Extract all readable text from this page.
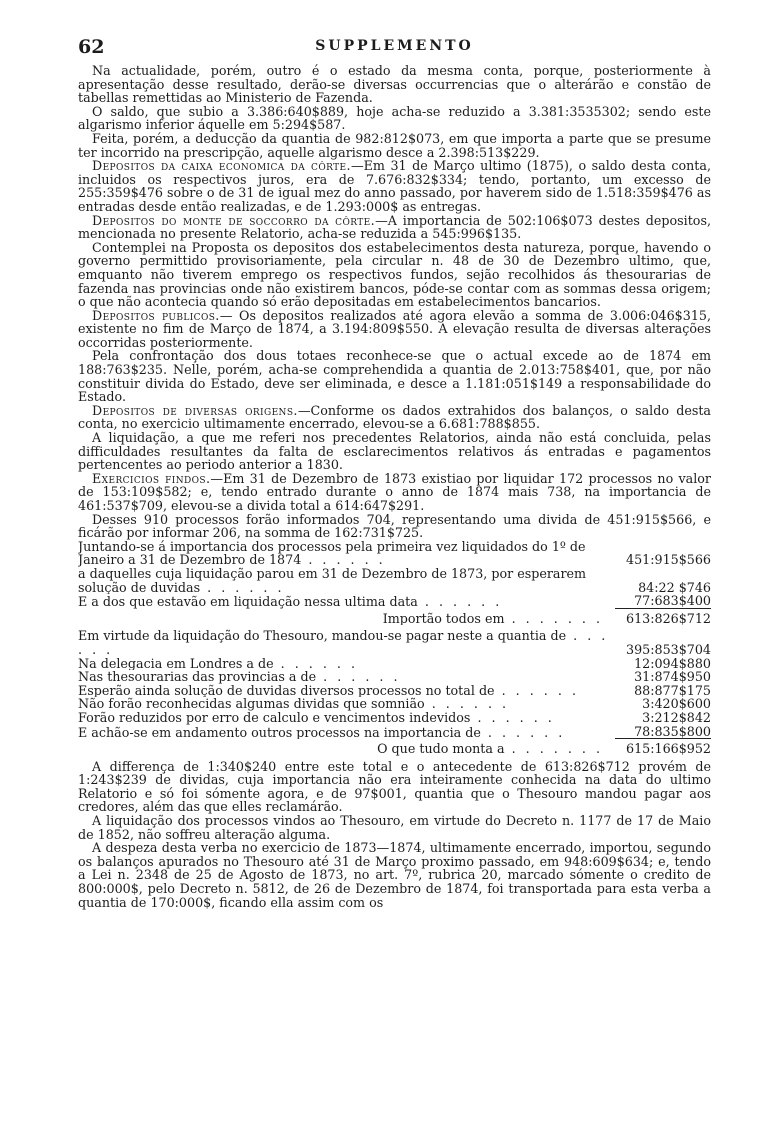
62	SUPPLEMENTO

Na actualidade, porém, outro é o estado da mesma conta, porque, posteriormente à apresentação desse resultado, derão-se diversas occurrencias que o alterárão e constão de tabellas remettidas ao Ministerio de Fazenda.

O saldo, que subio a 3.386:640$889, hoje acha-se reduzido a 3.381:3535302; sendo este algarismo inferior áquelle em 5:294$587.

Feita, porém, a deducção da quantia de 982:812$073, em que importa a parte que se presume ter incorrido na prescripção, aquelle algarismo desce a 2.398:513$229.

Depositos da caixa economica da côrte.—Em 31 de Março ultimo (1875), o saldo desta conta, incluidos os respectivos juros, era de 7.676:832$334; tendo, portanto, um excesso de 255:359$476 sobre o de 31 de igual mez do anno passado, por haverem sido de 1.518:359$476 as entradas desde então realizadas, e de 1.293:000$ as entregas.

Depositos do monte de soccorro da côrte.—A importancia de 502:106$073 destes depositos, mencionada no presente Relatorio, acha-se reduzida a 545:996$135.

Contemplei na Proposta os depositos dos estabelecimentos desta natureza, porque, havendo o governo permittido provisoriamente, pela circular n. 48 de 30 de Dezembro ultimo, que, emquanto não tiverem emprego os respectivos fundos, sejão recolhidos ás thesourarias de fazenda nas provincias onde não existirem bancos, póde-se contar com as sommas dessa origem; o que não acontecia quando só erão depositadas em estabelecimentos bancarios.

Depositos publicos.— Os depositos realizados até agora elevão a somma de 3.006:046$315, existente no fim de Março de 1874, a 3.194:809$550. A elevação resulta de diversas alterações occorridas posteriormente.

Pela confrontação dos dous totaes reconhece-se que o actual excede ao de 1874 em 188:763$235. Nelle, porém, acha-se comprehendida a quantia de 2.013:758$401, que, por não constituir divida do Estado, deve ser eliminada, e desce a 1.181:051$149 a responsabilidade do Estado.

Depositos de diversas origens.—Conforme os dados extrahidos dos balanços, o saldo desta conta, no exercicio ultimamente encerrado, elevou-se a 6.681:788$855.

A liquidação, a que me referi nos precedentes Relatorios, ainda não está concluida, pelas difficuldades resultantes da falta de esclarecimentos relativos ás entradas e pagamentos pertencentes ao periodo anterior a 1830.

Exercicios findos.—Em 31 de Dezembro de 1873 existiao por liquidar 172 processos no valor de 153:109$582; e, tendo entrado durante o anno de 1874 mais 738, na importancia de 461:537$709, elevou-se a divida total a 614:647$291.

Desses 910 processos forão informados 704, representando uma divida de 451:915$566, e ficárão por informar 206, na somma de 162:731$725.

Juntando-se á importancia dos processos pela primeira vez liquidados do 1º de Janeiro a 31 de Dezembro de 1874 . . . . . .	451:915$566
a daquelles cuja liquidação parou em 31 de Dezembro de 1873, por esperarem solução de duvidas . . . . . .	84:22 $746
E a dos que estavão em liquidação nessa ultima data . . . . . .	77:683$400
Importão todos em . . . . . . .	613:826$712
Em virtude da liquidação do Thesouro, mandou-se pagar neste a quantia de . . . . . .	395:853$704
Na delegacia em Londres a de . . . . . .	12:094$880
Nas thesourarias das provincias a de . . . . . .	31:874$950
Esperão ainda solução de duvidas diversos processos no total de . . . . . .	88:877$175
Não forão reconhecidas algumas dividas que somnião . . . . . .	3:420$600
Forão reduzidos por erro de calculo e vencimentos indevidos . . . . . .	3:212$842
E achão-se em andamento outros processos na importancia de . . . . . .	78:835$800
O que tudo monta a . . . . . . .	615:166$952

A differença de 1:340$240 entre este total e o antecedente de 613:826$712 provém de 1:243$239 de dividas, cuja importancia não era inteiramente conhecida na data do ultimo Relatorio e só foi sómente agora, e de 97$001, quantia que o Thesouro mandou pagar aos credores, além das que elles reclamárão.

A liquidação dos processos vindos ao Thesouro, em virtude do Decreto n. 1177 de 17 de Maio de 1852, não soffreu alteração alguma.

A despeza desta verba no exercicio de 1873—1874, ultimamente encerrado, importou, segundo os balanços apurados no Thesouro até 31 de Março proximo passado, em 948:609$634; e, tendo a Lei n. 2348 de 25 de Agosto de 1873, no art. 7º, rubrica 20, marcado sómente o credito de 800:000$, pelo Decreto n. 5812, de 26 de Dezembro de 1874, foi transportada para esta verba a quantia de 170:000$, ficando ella assim com os
